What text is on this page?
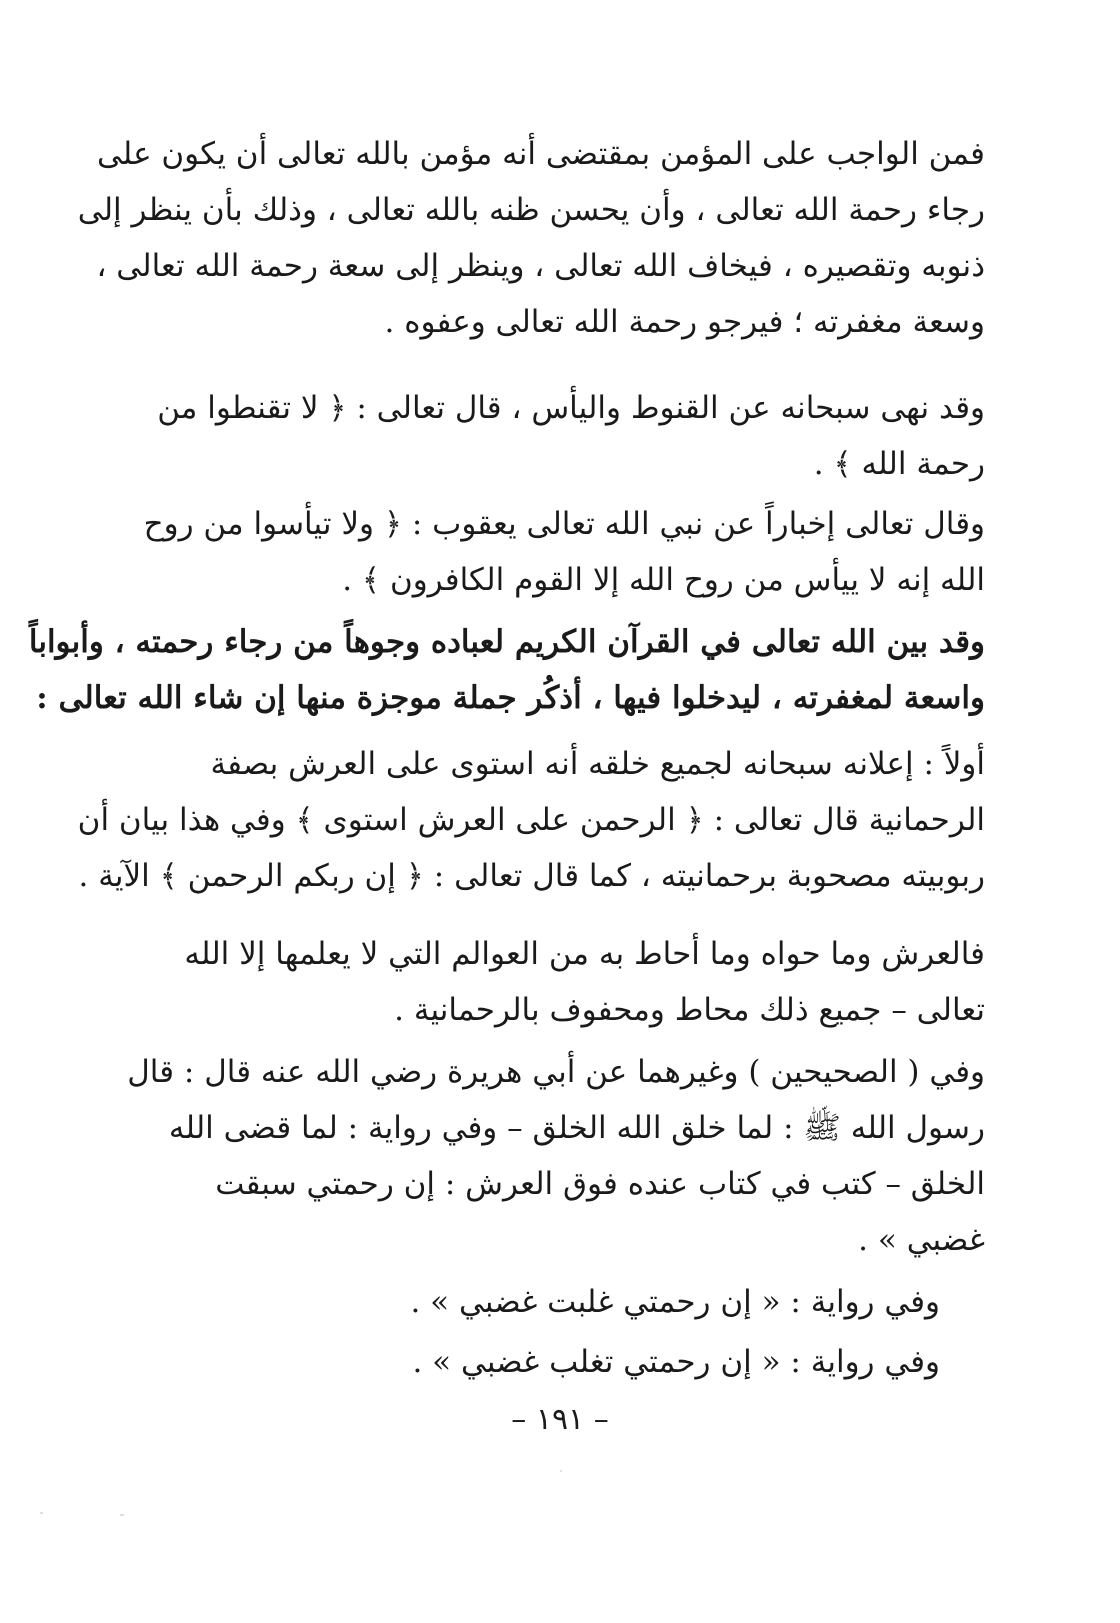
فمن الواجب على المؤمن بمقتضى أنه مؤمن بالله تعالى أن يكون على
رجاء رحمة الله تعالى ، وأن يحسن ظنه بالله تعالى ، وذلك بأن ينظر إلى
ذنوبه وتقصيره ، فيخاف الله تعالى ، وينظر إلى سعة رحمة الله تعالى ،
وسعة مغفرته ؛ فيرجو رحمة الله تعالى وعفوه .
وقد نهى سبحانه عن القنوط واليأس ، قال تعالى : ﴿ لا تقنطوا من
رحمة الله ﴾ .
وقال تعالى إخباراً عن نبي الله تعالى يعقوب : ﴿ ولا تيأسوا من روح
الله إنه لا ييأس من روح الله إلا القوم الكافرون ﴾ .
وقد بين الله تعالى في القرآن الكريم لعباده وجوهاً من رجاء رحمته ، وأبواباً
واسعة لمغفرته ، ليدخلوا فيها ، أذكُر جملة موجزة منها إن شاء الله تعالى :
أولاً : إعلانه سبحانه لجميع خلقه أنه استوى على العرش بصفة
الرحمانية قال تعالى : ﴿ الرحمن على العرش استوى ﴾ وفي هذا بيان أن
ربوبيته مصحوبة برحمانيته ، كما قال تعالى : ﴿ إن ربكم الرحمن ﴾ الآية .
فالعرش وما حواه وما أحاط به من العوالم التي لا يعلمها إلا الله
تعالى – جميع ذلك محاط ومحفوف بالرحمانية .
وفي ( الصحيحين ) وغيرهما عن أبي هريرة رضي الله عنه قال : قال
رسول الله ﷺ : لما خلق الله الخلق – وفي رواية : لما قضى الله
الخلق – كتب في كتاب عنده فوق العرش : إن رحمتي سبقت
غضبي » .
وفي رواية : « إن رحمتي غلبت غضبي » .
وفي رواية : « إن رحمتي تغلب غضبي » .
– ١٩١ –
